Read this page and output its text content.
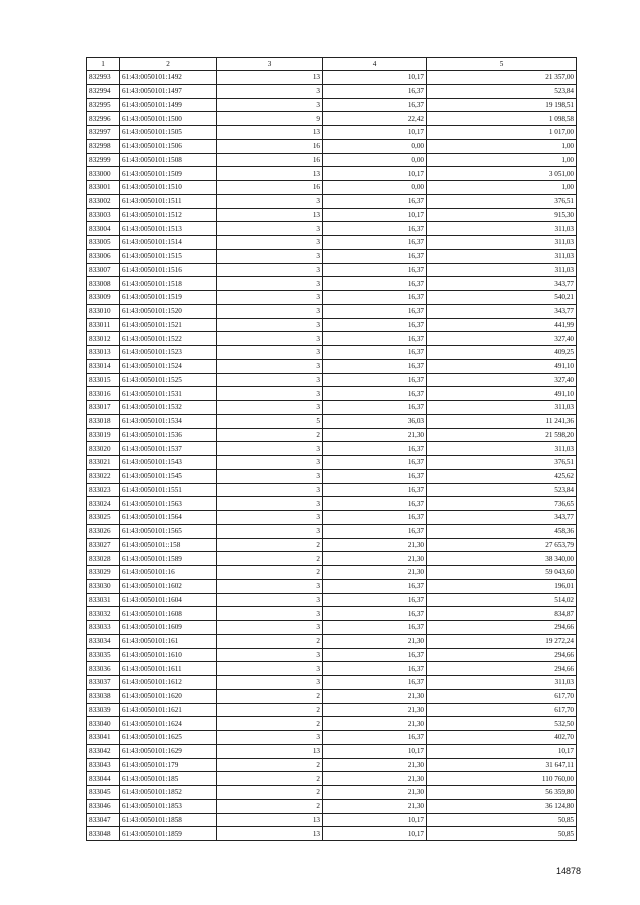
1	2	3	4	5
832993	61:43:0050101:1492	13	10,17	21 357,00
832994	61:43:0050101:1497	3	16,37	523,84
832995	61:43:0050101:1499	3	16,37	19 198,51
832996	61:43:0050101:1500	9	22,42	1 098,58
832997	61:43:0050101:1505	13	10,17	1 017,00
832998	61:43:0050101:1506	16	0,00	1,00
832999	61:43:0050101:1508	16	0,00	1,00
833000	61:43:0050101:1509	13	10,17	3 051,00
833001	61:43:0050101:1510	16	0,00	1,00
833002	61:43:0050101:1511	3	16,37	376,51
833003	61:43:0050101:1512	13	10,17	915,30
833004	61:43:0050101:1513	3	16,37	311,03
833005	61:43:0050101:1514	3	16,37	311,03
833006	61:43:0050101:1515	3	16,37	311,03
833007	61:43:0050101:1516	3	16,37	311,03
833008	61:43:0050101:1518	3	16,37	343,77
833009	61:43:0050101:1519	3	16,37	540,21
833010	61:43:0050101:1520	3	16,37	343,77
833011	61:43:0050101:1521	3	16,37	441,99
833012	61:43:0050101:1522	3	16,37	327,40
833013	61:43:0050101:1523	3	16,37	409,25
833014	61:43:0050101:1524	3	16,37	491,10
833015	61:43:0050101:1525	3	16,37	327,40
833016	61:43:0050101:1531	3	16,37	491,10
833017	61:43:0050101:1532	3	16,37	311,03
833018	61:43:0050101:1534	5	36,03	11 241,36
833019	61:43:0050101:1536	2	21,30	21 598,20
833020	61:43:0050101:1537	3	16,37	311,03
833021	61:43:0050101:1543	3	16,37	376,51
833022	61:43:0050101:1545	3	16,37	425,62
833023	61:43:0050101:1551	3	16,37	523,84
833024	61:43:0050101:1563	3	16,37	736,65
833025	61:43:0050101:1564	3	16,37	343,77
833026	61:43:0050101:1565	3	16,37	458,36
833027	61:43:0050101::158	2	21,30	27 653,79
833028	61:43:0050101:1589	2	21,30	38 340,00
833029	61:43:0050101:16	2	21,30	59 043,60
833030	61:43:0050101:1602	3	16,37	196,01
833031	61:43:0050101:1604	3	16,37	514,02
833032	61:43:0050101:1608	3	16,37	834,87
833033	61:43:0050101:1609	3	16,37	294,66
833034	61:43:0050101:161	2	21,30	19 272,24
833035	61:43:0050101:1610	3	16,37	294,66
833036	61:43:0050101:1611	3	16,37	294,66
833037	61:43:0050101:1612	3	16,37	311,03
833038	61:43:0050101:1620	2	21,30	617,70
833039	61:43:0050101:1621	2	21,30	617,70
833040	61:43:0050101:1624	2	21,30	532,50
833041	61:43:0050101:1625	3	16,37	402,70
833042	61:43:0050101:1629	13	10,17	10,17
833043	61:43:0050101:179	2	21,30	31 647,11
833044	61:43:0050101:185	2	21,30	110 760,00
833045	61:43:0050101:1852	2	21,30	56 359,80
833046	61:43:0050101:1853	2	21,30	36 124,80
833047	61:43:0050101:1858	13	10,17	50,85
833048	61:43:0050101:1859	13	10,17	50,85
14878
